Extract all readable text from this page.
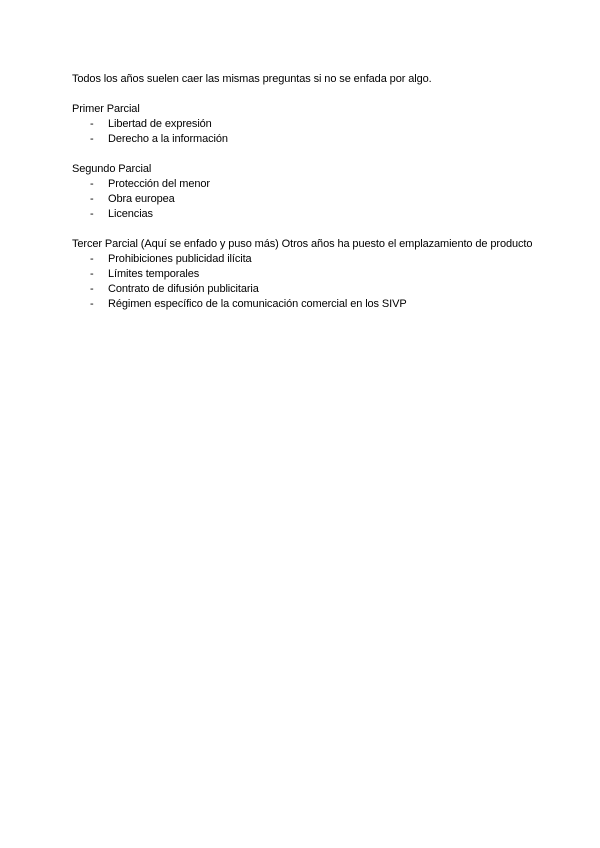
Todos los años suelen caer las mismas preguntas si no se enfada por algo.

Primer Parcial

- Libertad de expresión
- Derecho a la información

Segundo Parcial

- Protección del menor
- Obra europea
- Licencias

Tercer Parcial (Aquí se enfado y puso más) Otros años ha puesto el emplazamiento de producto

- Prohibiciones publicidad ilícita
- Límites temporales
- Contrato de difusión publicitaria
- Régimen específico de la comunicación comercial en los SIVP
